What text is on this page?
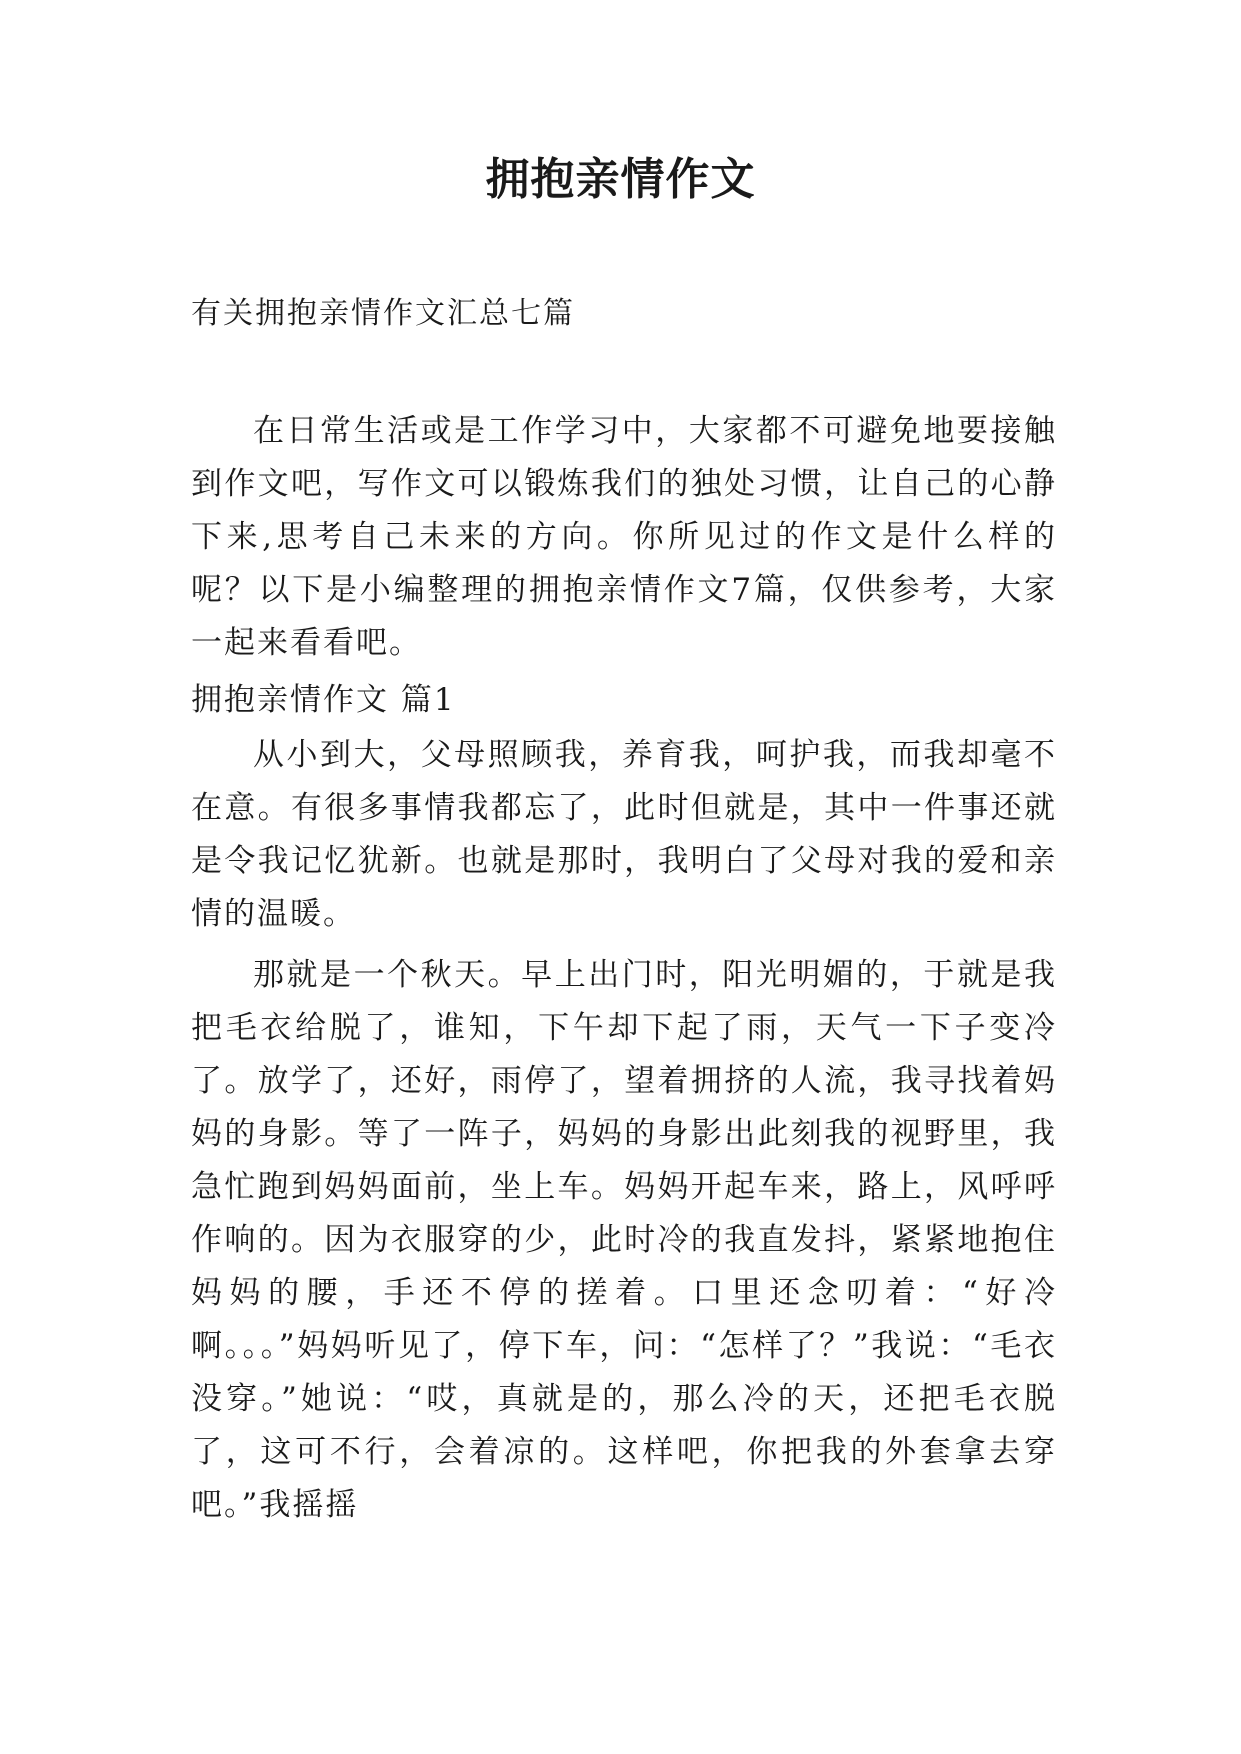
拥抱亲情作文
有关拥抱亲情作文汇总七篇

在日常生活或是工作学习中，大家都不可避免地要接触到作文吧，写作文可以锻炼我们的独处习惯，让自己的心静下来,思考自己未来的方向。你所见过的作文是什么样的呢？以下是小编整理的拥抱亲情作文7篇，仅供参考，大家一起来看看吧。

拥抱亲情作文 篇1

从小到大，父母照顾我，养育我，呵护我，而我却毫不在意。有很多事情我都忘了，此时但就是，其中一件事还就是令我记忆犹新。也就是那时，我明白了父母对我的爱和亲情的温暖。

那就是一个秋天。早上出门时，阳光明媚的，于就是我把毛衣给脱了，谁知，下午却下起了雨，天气一下子变冷了。放学了，还好，雨停了，望着拥挤的人流，我寻找着妈妈的身影。等了一阵子，妈妈的身影出此刻我的视野里，我急忙跑到妈妈面前，坐上车。妈妈开起车来，路上，风呼呼作响的。因为衣服穿的少，此时冷的我直发抖，紧紧地抱住妈妈的腰，手还不停的搓着。口里还念叨着：“好冷啊。。。”妈妈听见了，停下车，问：“怎样了？”我说：“毛衣没穿。”她说：“哎，真就是的，那么冷的天，还把毛衣脱了，这可不行，会着凉的。这样吧，你把我的外套拿去穿吧。”我摇摇
